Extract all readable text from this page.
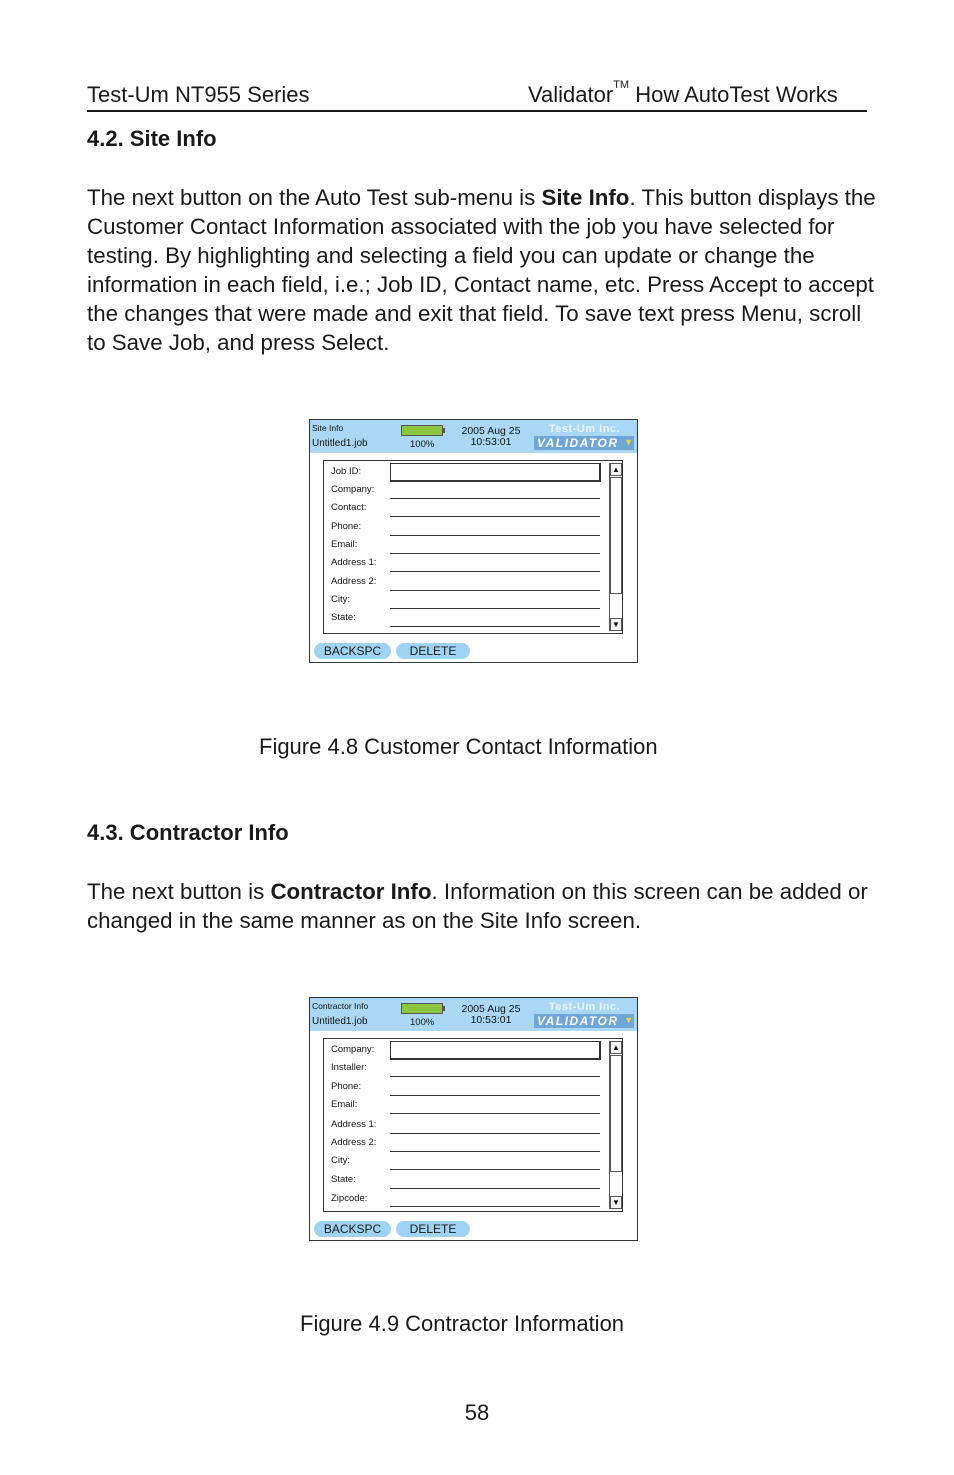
Test-Um NT955 Series	Validator™ How AutoTest Works
4.2. Site Info
The next button on the Auto Test sub-menu is Site Info. This button displays the Customer Contact Information associated with the job you have selected for testing. By highlighting and selecting a field you can update or change the information in each field, i.e.; Job ID, Contact name, etc. Press Accept to accept the changes that were made and exit that field. To save text press Menu, scroll to Save Job, and press Select.
Site Info
Untitled1.job	100%
2005 Aug 25
10:53:01
Test-Um Inc.
VALIDATOR ▼
Job ID:
Company:
Contact:
Phone:
Email:
Address 1:
Address 2:
City:
State:
▲
▼
BACKSPC	DELETE
Figure 4.8 Customer Contact Information
4.3. Contractor Info
The next button is Contractor Info. Information on this screen can be added or changed in the same manner as on the Site Info screen.
Contractor Info
Untitled1.job	100%
2005 Aug 25
10:53:01
Test-Um Inc.
VALIDATOR ▼
Company:
Installer:
Phone:
Email:
Address 1:
Address 2:
City:
State:
Zipcode:
▲
▼
BACKSPC	DELETE
Figure 4.9 Contractor Information
58
